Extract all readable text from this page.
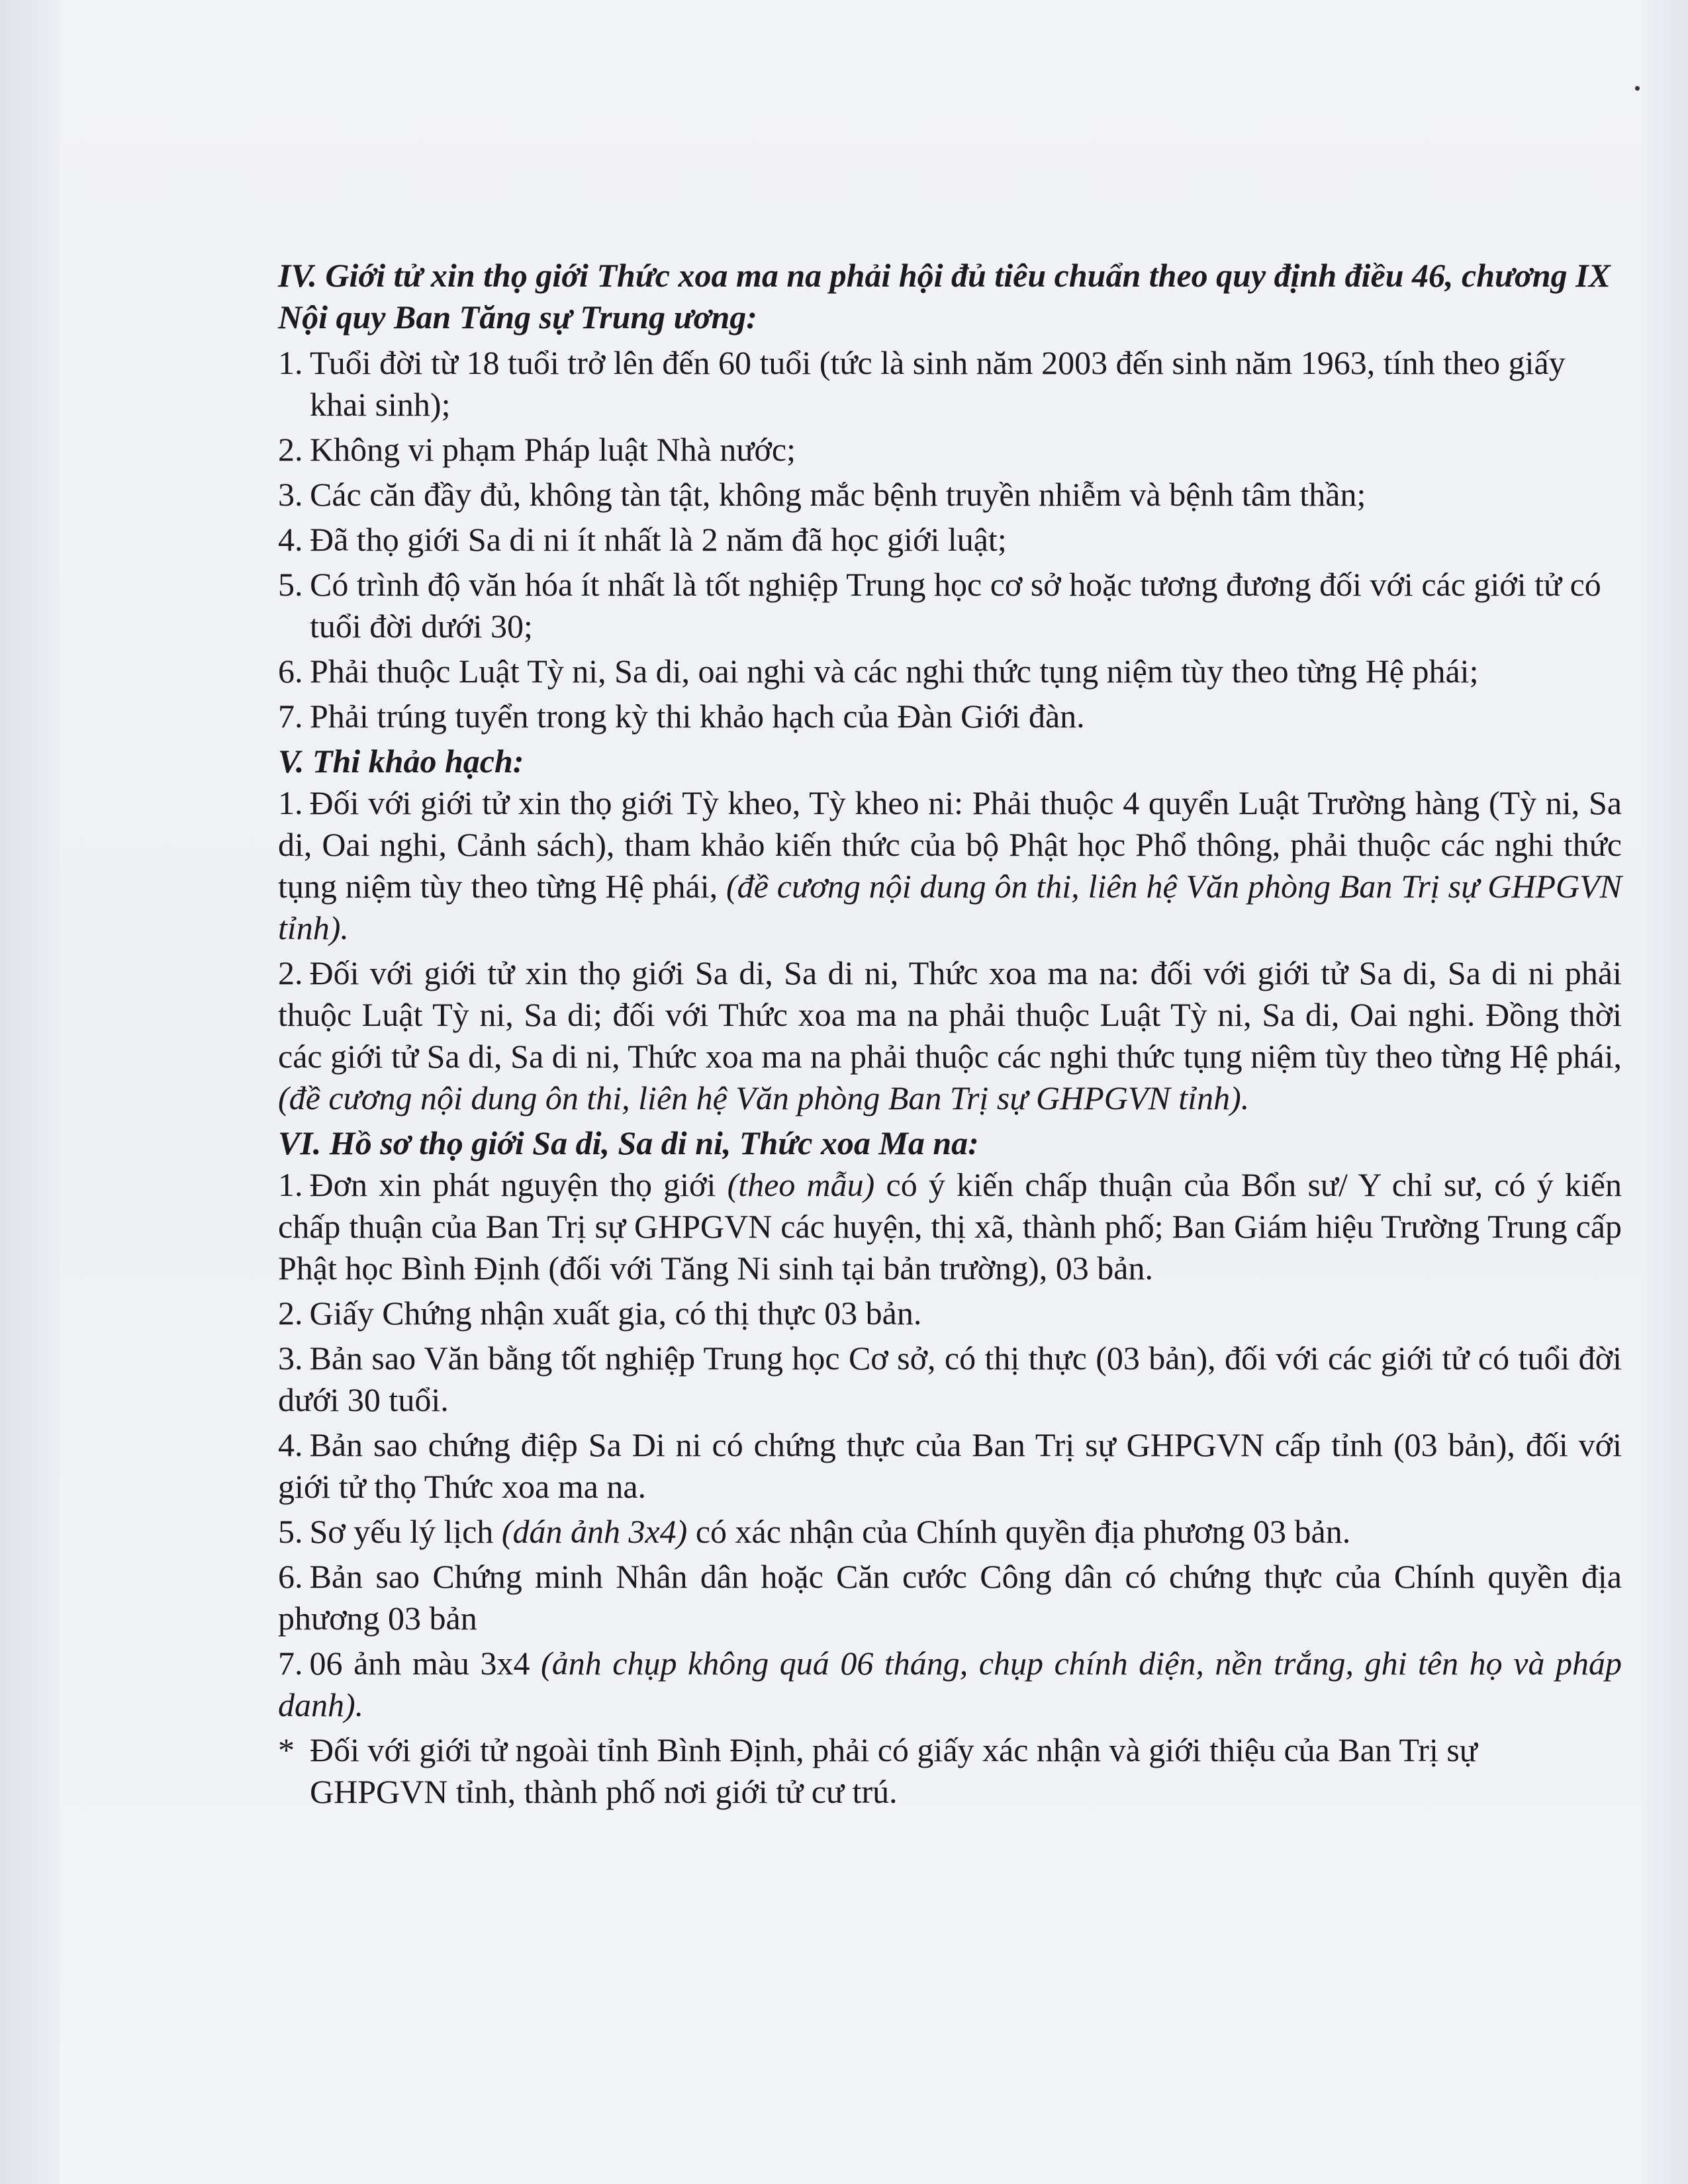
IV. Giới tử xin thọ giới Thức xoa ma na phải hội đủ tiêu chuẩn theo quy định điều 46, chương IX Nội quy Ban Tăng sự Trung ương:

1. Tuổi đời từ 18 tuổi trở lên đến 60 tuổi (tức là sinh năm 2003 đến sinh năm 1963, tính theo giấy khai sinh);
2. Không vi phạm Pháp luật Nhà nước;
3. Các căn đầy đủ, không tàn tật, không mắc bệnh truyền nhiễm và bệnh tâm thần;
4. Đã thọ giới Sa di ni ít nhất là 2 năm đã học giới luật;
5. Có trình độ văn hóa ít nhất là tốt nghiệp Trung học cơ sở hoặc tương đương đối với các giới tử có tuổi đời dưới 30;
6. Phải thuộc Luật Tỳ ni, Sa di, oai nghi và các nghi thức tụng niệm tùy theo từng Hệ phái;
7. Phải trúng tuyển trong kỳ thi khảo hạch của Đàn Giới đàn.

V. Thi khảo hạch:

1. Đối với giới tử xin thọ giới Tỳ kheo, Tỳ kheo ni: Phải thuộc 4 quyển Luật Trường hàng (Tỳ ni, Sa di, Oai nghi, Cảnh sách), tham khảo kiến thức của bộ Phật học Phổ thông, phải thuộc các nghi thức tụng niệm tùy theo từng Hệ phái, (đề cương nội dung ôn thi, liên hệ Văn phòng Ban Trị sự GHPGVN tỉnh).
2. Đối với giới tử xin thọ giới Sa di, Sa di ni, Thức xoa ma na: đối với giới tử Sa di, Sa di ni phải thuộc Luật Tỳ ni, Sa di; đối với Thức xoa ma na phải thuộc Luật Tỳ ni, Sa di, Oai nghi. Đồng thời các giới tử Sa di, Sa di ni, Thức xoa ma na phải thuộc các nghi thức tụng niệm tùy theo từng Hệ phái, (đề cương nội dung ôn thi, liên hệ Văn phòng Ban Trị sự GHPGVN tỉnh).

VI. Hồ sơ thọ giới Sa di, Sa di ni, Thức xoa Ma na:

1. Đơn xin phát nguyện thọ giới (theo mẫu) có ý kiến chấp thuận của Bổn sư/ Y chỉ sư, có ý kiến chấp thuận của Ban Trị sự GHPGVN các huyện, thị xã, thành phố; Ban Giám hiệu Trường Trung cấp Phật học Bình Định (đối với Tăng Ni sinh tại bản trường), 03 bản.
2. Giấy Chứng nhận xuất gia, có thị thực 03 bản.
3. Bản sao Văn bằng tốt nghiệp Trung học Cơ sở, có thị thực (03 bản), đối với các giới tử có tuổi đời dưới 30 tuổi.
4. Bản sao chứng điệp Sa Di ni có chứng thực của Ban Trị sự GHPGVN cấp tỉnh (03 bản), đối với giới tử thọ Thức xoa ma na.
5. Sơ yếu lý lịch (dán ảnh 3x4) có xác nhận của Chính quyền địa phương 03 bản.
6. Bản sao Chứng minh Nhân dân hoặc Căn cước Công dân có chứng thực của Chính quyền địa phương 03 bản
7. 06 ảnh màu 3x4 (ảnh chụp không quá 06 tháng, chụp chính diện, nền trắng, ghi tên họ và pháp danh).
* Đối với giới tử ngoài tỉnh Bình Định, phải có giấy xác nhận và giới thiệu của Ban Trị sự GHPGVN tỉnh, thành phố nơi giới tử cư trú.
